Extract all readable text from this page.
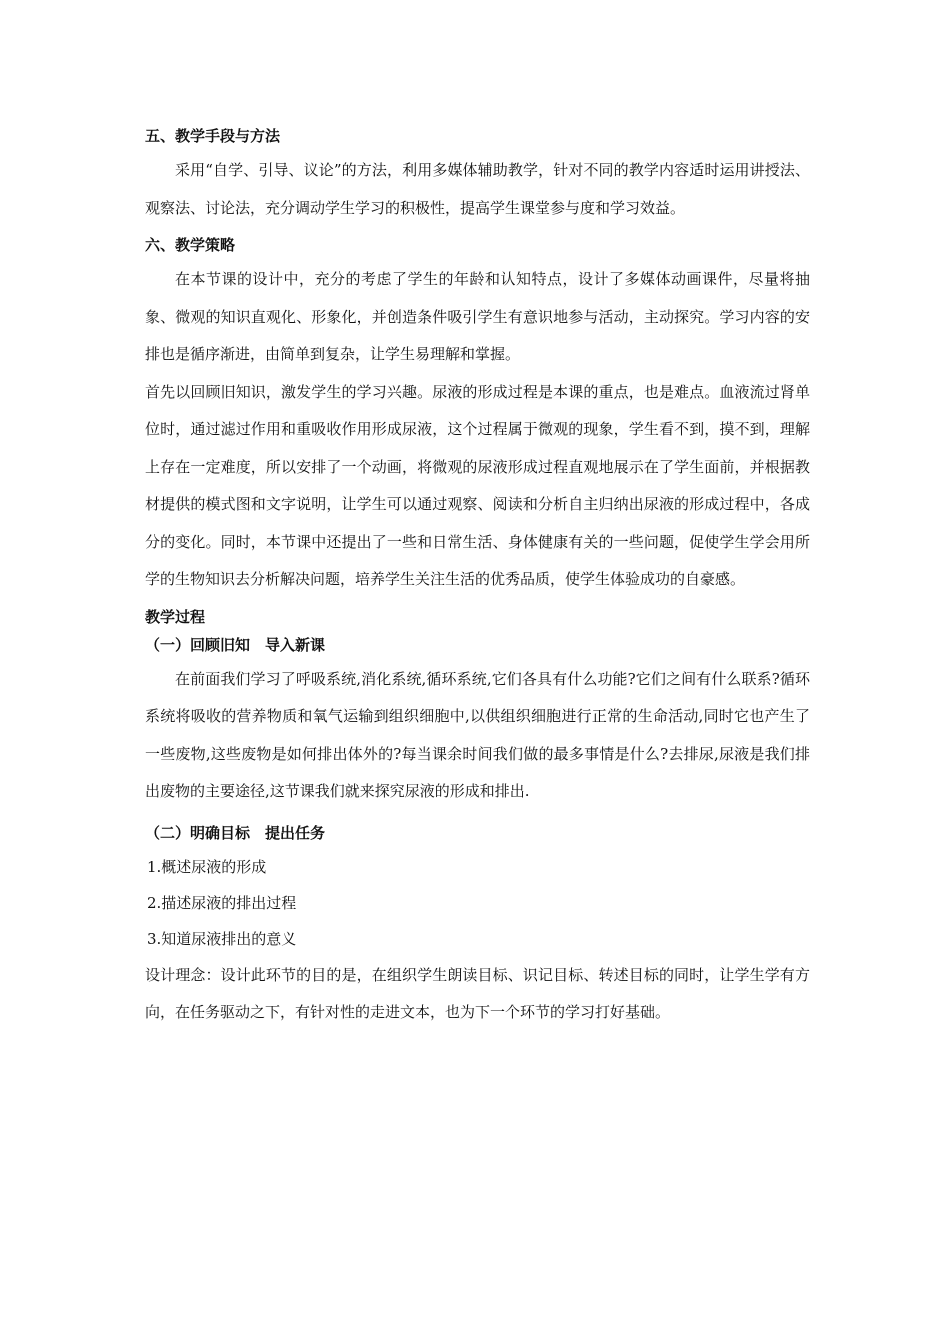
五、教学手段与方法

采用“自学、引导、议论”的方法，利用多媒体辅助教学，针对不同的教学内容适时运用讲授法、观察法、讨论法，充分调动学生学习的积极性，提高学生课堂参与度和学习效益。

六、教学策略

在本节课的设计中，充分的考虑了学生的年龄和认知特点，设计了多媒体动画课件，尽量将抽象、微观的知识直观化、形象化，并创造条件吸引学生有意识地参与活动，主动探究。学习内容的安排也是循序渐进，由简单到复杂，让学生易理解和掌握。

首先以回顾旧知识，激发学生的学习兴趣。尿液的形成过程是本课的重点，也是难点。血液流过肾单位时，通过滤过作用和重吸收作用形成尿液，这个过程属于微观的现象，学生看不到，摸不到，理解上存在一定难度，所以安排了一个动画，将微观的尿液形成过程直观地展示在了学生面前，并根据教材提供的模式图和文字说明，让学生可以通过观察、阅读和分析自主归纳出尿液的形成过程中，各成分的变化。同时，本节课中还提出了一些和日常生活、身体健康有关的一些问题，促使学生学会用所学的生物知识去分析解决问题，培养学生关注生活的优秀品质，使学生体验成功的自豪感。

教学过程
（一）回顾旧知　导入新课

在前面我们学习了呼吸系统,消化系统,循环系统,它们各具有什么功能?它们之间有什么联系?循环系统将吸收的营养物质和氧气运输到组织细胞中,以供组织细胞进行正常的生命活动,同时它也产生了一些废物,这些废物是如何排出体外的?每当课余时间我们做的最多事情是什么?去排尿,尿液是我们排出废物的主要途径,这节课我们就来探究尿液的形成和排出.

（二）明确目标　提出任务
1.概述尿液的形成
2.描述尿液的排出过程
3.知道尿液排出的意义

设计理念：设计此环节的目的是，在组织学生朗读目标、识记目标、转述目标的同时，让学生学有方向，在任务驱动之下，有针对性的走进文本，也为下一个环节的学习打好基础。
